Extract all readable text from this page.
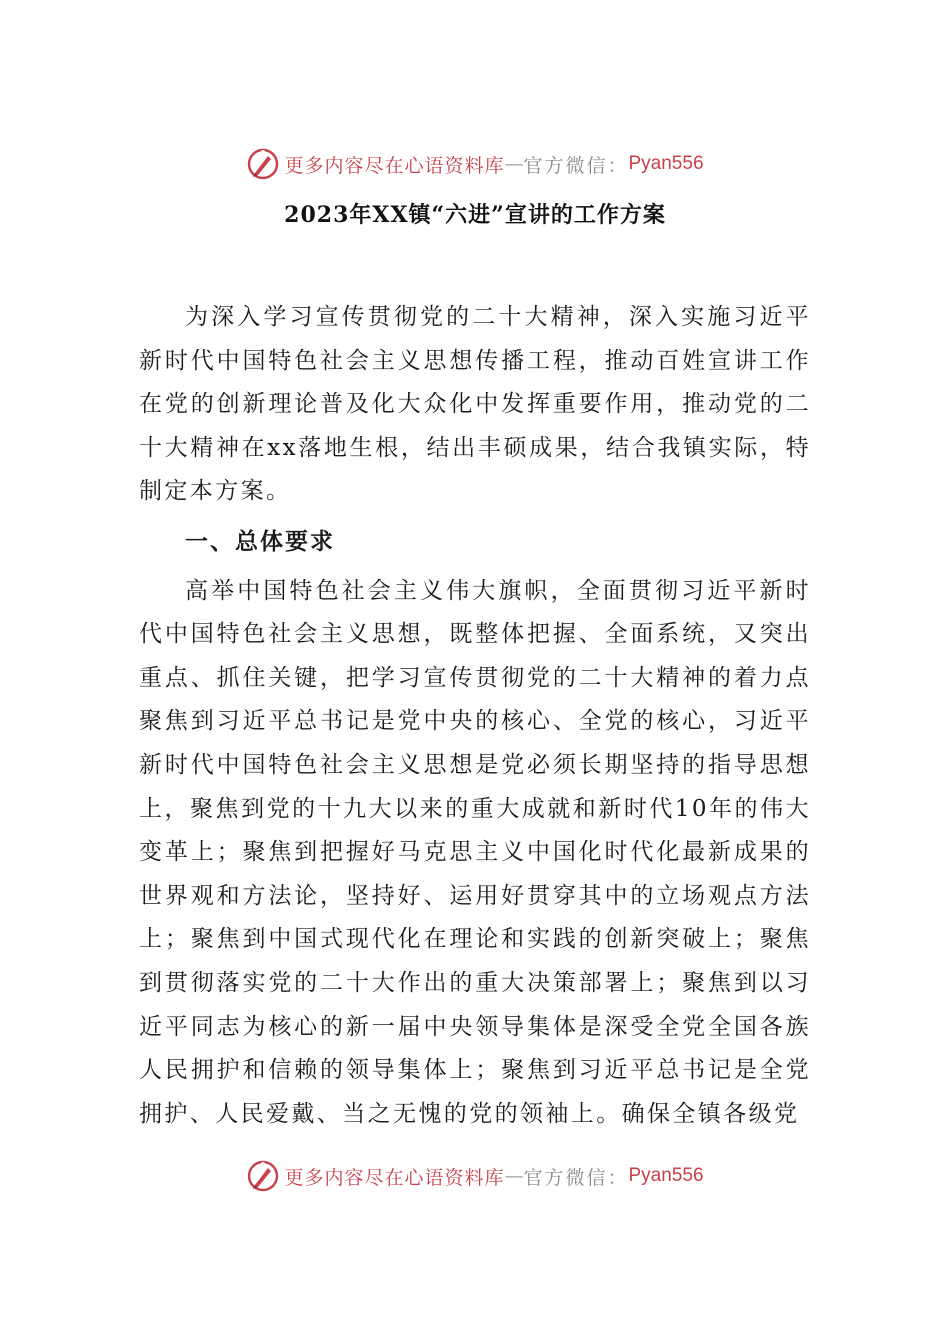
更多内容尽在心语资料库 — 官方微信： Pyan556
2023年XX镇“六进”宣讲的工作方案

为深入学习宣传贯彻党的二十大精神，深入实施习近平新时代中国特色社会主义思想传播工程，推动百姓宣讲工作在党的创新理论普及化大众化中发挥重要作用，推动党的二十大精神在xx落地生根，结出丰硕成果，结合我镇实际，特制定本方案。

一、总体要求

高举中国特色社会主义伟大旗帜，全面贯彻习近平新时代中国特色社会主义思想，既整体把握、全面系统，又突出重点、抓住关键，把学习宣传贯彻党的二十大精神的着力点聚焦到习近平总书记是党中央的核心、全党的核心，习近平新时代中国特色社会主义思想是党必须长期坚持的指导思想上，聚焦到党的十九大以来的重大成就和新时代10年的伟大变革上；聚焦到把握好马克思主义中国化时代化最新成果的世界观和方法论，坚持好、运用好贯穿其中的立场观点方法上；聚焦到中国式现代化在理论和实践的创新突破上；聚焦到贯彻落实党的二十大作出的重大决策部署上；聚焦到以习近平同志为核心的新一届中央领导集体是深受全党全国各族人民拥护和信赖的领导集体上；聚焦到习近平总书记是全党拥护、人民爱戴、当之无愧的党的领袖上。确保全镇各级党

更多内容尽在心语资料库 — 官方微信： Pyan556
